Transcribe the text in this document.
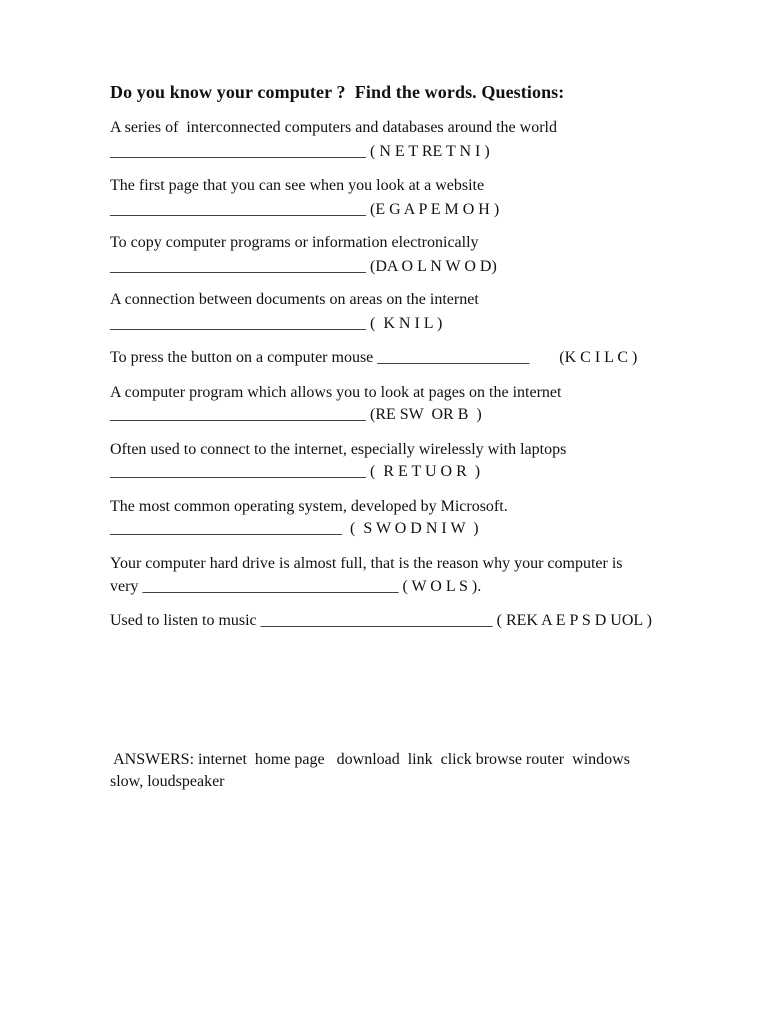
Do you know your computer ?  Find the words. Questions:
A series of  interconnected computers and databases around the world
________________________________ ( N E T RE T N I )
The first page that you can see when you look at a website
________________________________ (E G A P E M O H )
To copy computer programs or information electronically
________________________________ (DA O L N W O D)
A connection between documents on areas on the internet
________________________________ (  K N I L )
To press the button on a computer mouse ___________________ (K C I L C )
A computer program which allows you to look at pages on the internet
________________________________ (RE SW  OR B  )
Often used to connect to the internet, especially wirelessly with laptops
________________________________ (  R E T U O R  )
The most common operating system, developed by Microsoft.
_____________________________  (  S W O D N I W  )
Your computer hard drive is almost full, that is the reason why your computer is
very ________________________________ ( W O L S ).
Used to listen to music _____________________________ ( REK A E P S D UOL )
ANSWERS: internet  home page   download  link  click browse router  windows
slow, loudspeaker
